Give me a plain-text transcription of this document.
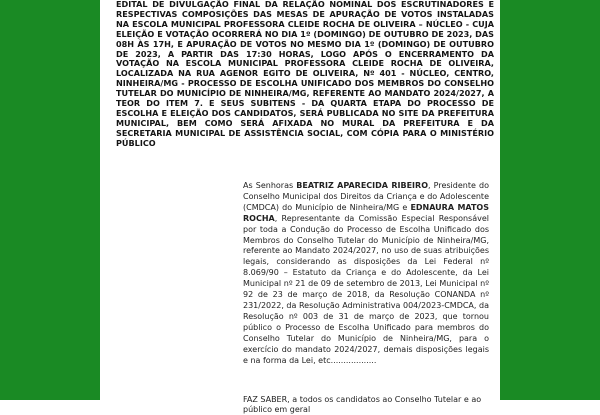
EDITAL DE DIVULGAÇÃO FINAL DA RELAÇÃO NOMINAL DOS ESCRUTINADORES E RESPECTIVAS COMPOSIÇÕES DAS MESAS DE APURAÇÃO DE VOTOS INSTALADAS NA ESCOLA MUNICIPAL PROFESSORA CLEIDE ROCHA DE OLIVEIRA – NÚCLEO - CUJA ELEIÇÃO E VOTAÇÃO OCORRERÁ NO DIA 1º (DOMINGO) DE OUTUBRO DE 2023, DAS 08H ÀS 17H, E APURAÇÃO DE VOTOS NO MESMO DIA 1º (DOMINGO) DE OUTUBRO DE 2023, A PARTIR DAS 17:30 HORAS, LOGO APÓS O ENCERRAMENTO DA VOTAÇÃO NA ESCOLA MUNICIPAL PROFESSORA CLEIDE ROCHA DE OLIVEIRA, LOCALIZADA NA RUA AGENOR EGITO DE OLIVEIRA, Nº 401 - NÚCLEO, CENTRO, NINHEIRA/MG - PROCESSO DE ESCOLHA UNIFICADO DOS MEMBROS DO CONSELHO TUTELAR DO MUNICÍPIO DE NINHEIRA/MG, REFERENTE AO MANDATO 2024/2027, A TEOR DO ITEM 7. E SEUS SUBITENS - DA QUARTA ETAPA DO PROCESSO DE ESCOLHA E ELEIÇÃO DOS CANDIDATOS, SERÁ PUBLICADA NO SITE DA PREFEITURA MUNICIPAL, BEM COMO SERÁ AFIXADA NO MURAL DA PREFEITURA E DA SECRETARIA MUNICIPAL DE ASSISTÊNCIA SOCIAL, COM CÓPIA PARA O MINISTÉRIO PÚBLICO

As Senhoras BEATRIZ APARECIDA RIBEIRO, Presidente do Conselho Municipal dos Direitos da Criança e do Adolescente (CMDCA) do Município de Ninheira/MG e EDNAURA MATOS ROCHA, Representante da Comissão Especial Responsável por toda a Condução do Processo de Escolha Unificado dos Membros do Conselho Tutelar do Município de Ninheira/MG, referente ao Mandato 2024/2027, no uso de suas atribuições legais, considerando as disposições da Lei Federal nº 8.069/90 – Estatuto da Criança e do Adolescente, da Lei Municipal nº 21 de 09 de setembro de 2013, Lei Municipal nº 92 de 23 de março de 2018, da Resolução CONANDA nº 231/2022, da Resolução Administrativa 004/2023-CMDCA, da Resolução nº 003 de 31 de março de 2023, que tornou público o Processo de Escolha Unificado para membros do Conselho Tutelar do Município de Ninheira/MG, para o exercício do mandato 2024/2027, demais disposições legais e na forma da Lei, etc..................

FAZ SABER, a todos os candidatos ao Conselho Tutelar e ao público em geral
